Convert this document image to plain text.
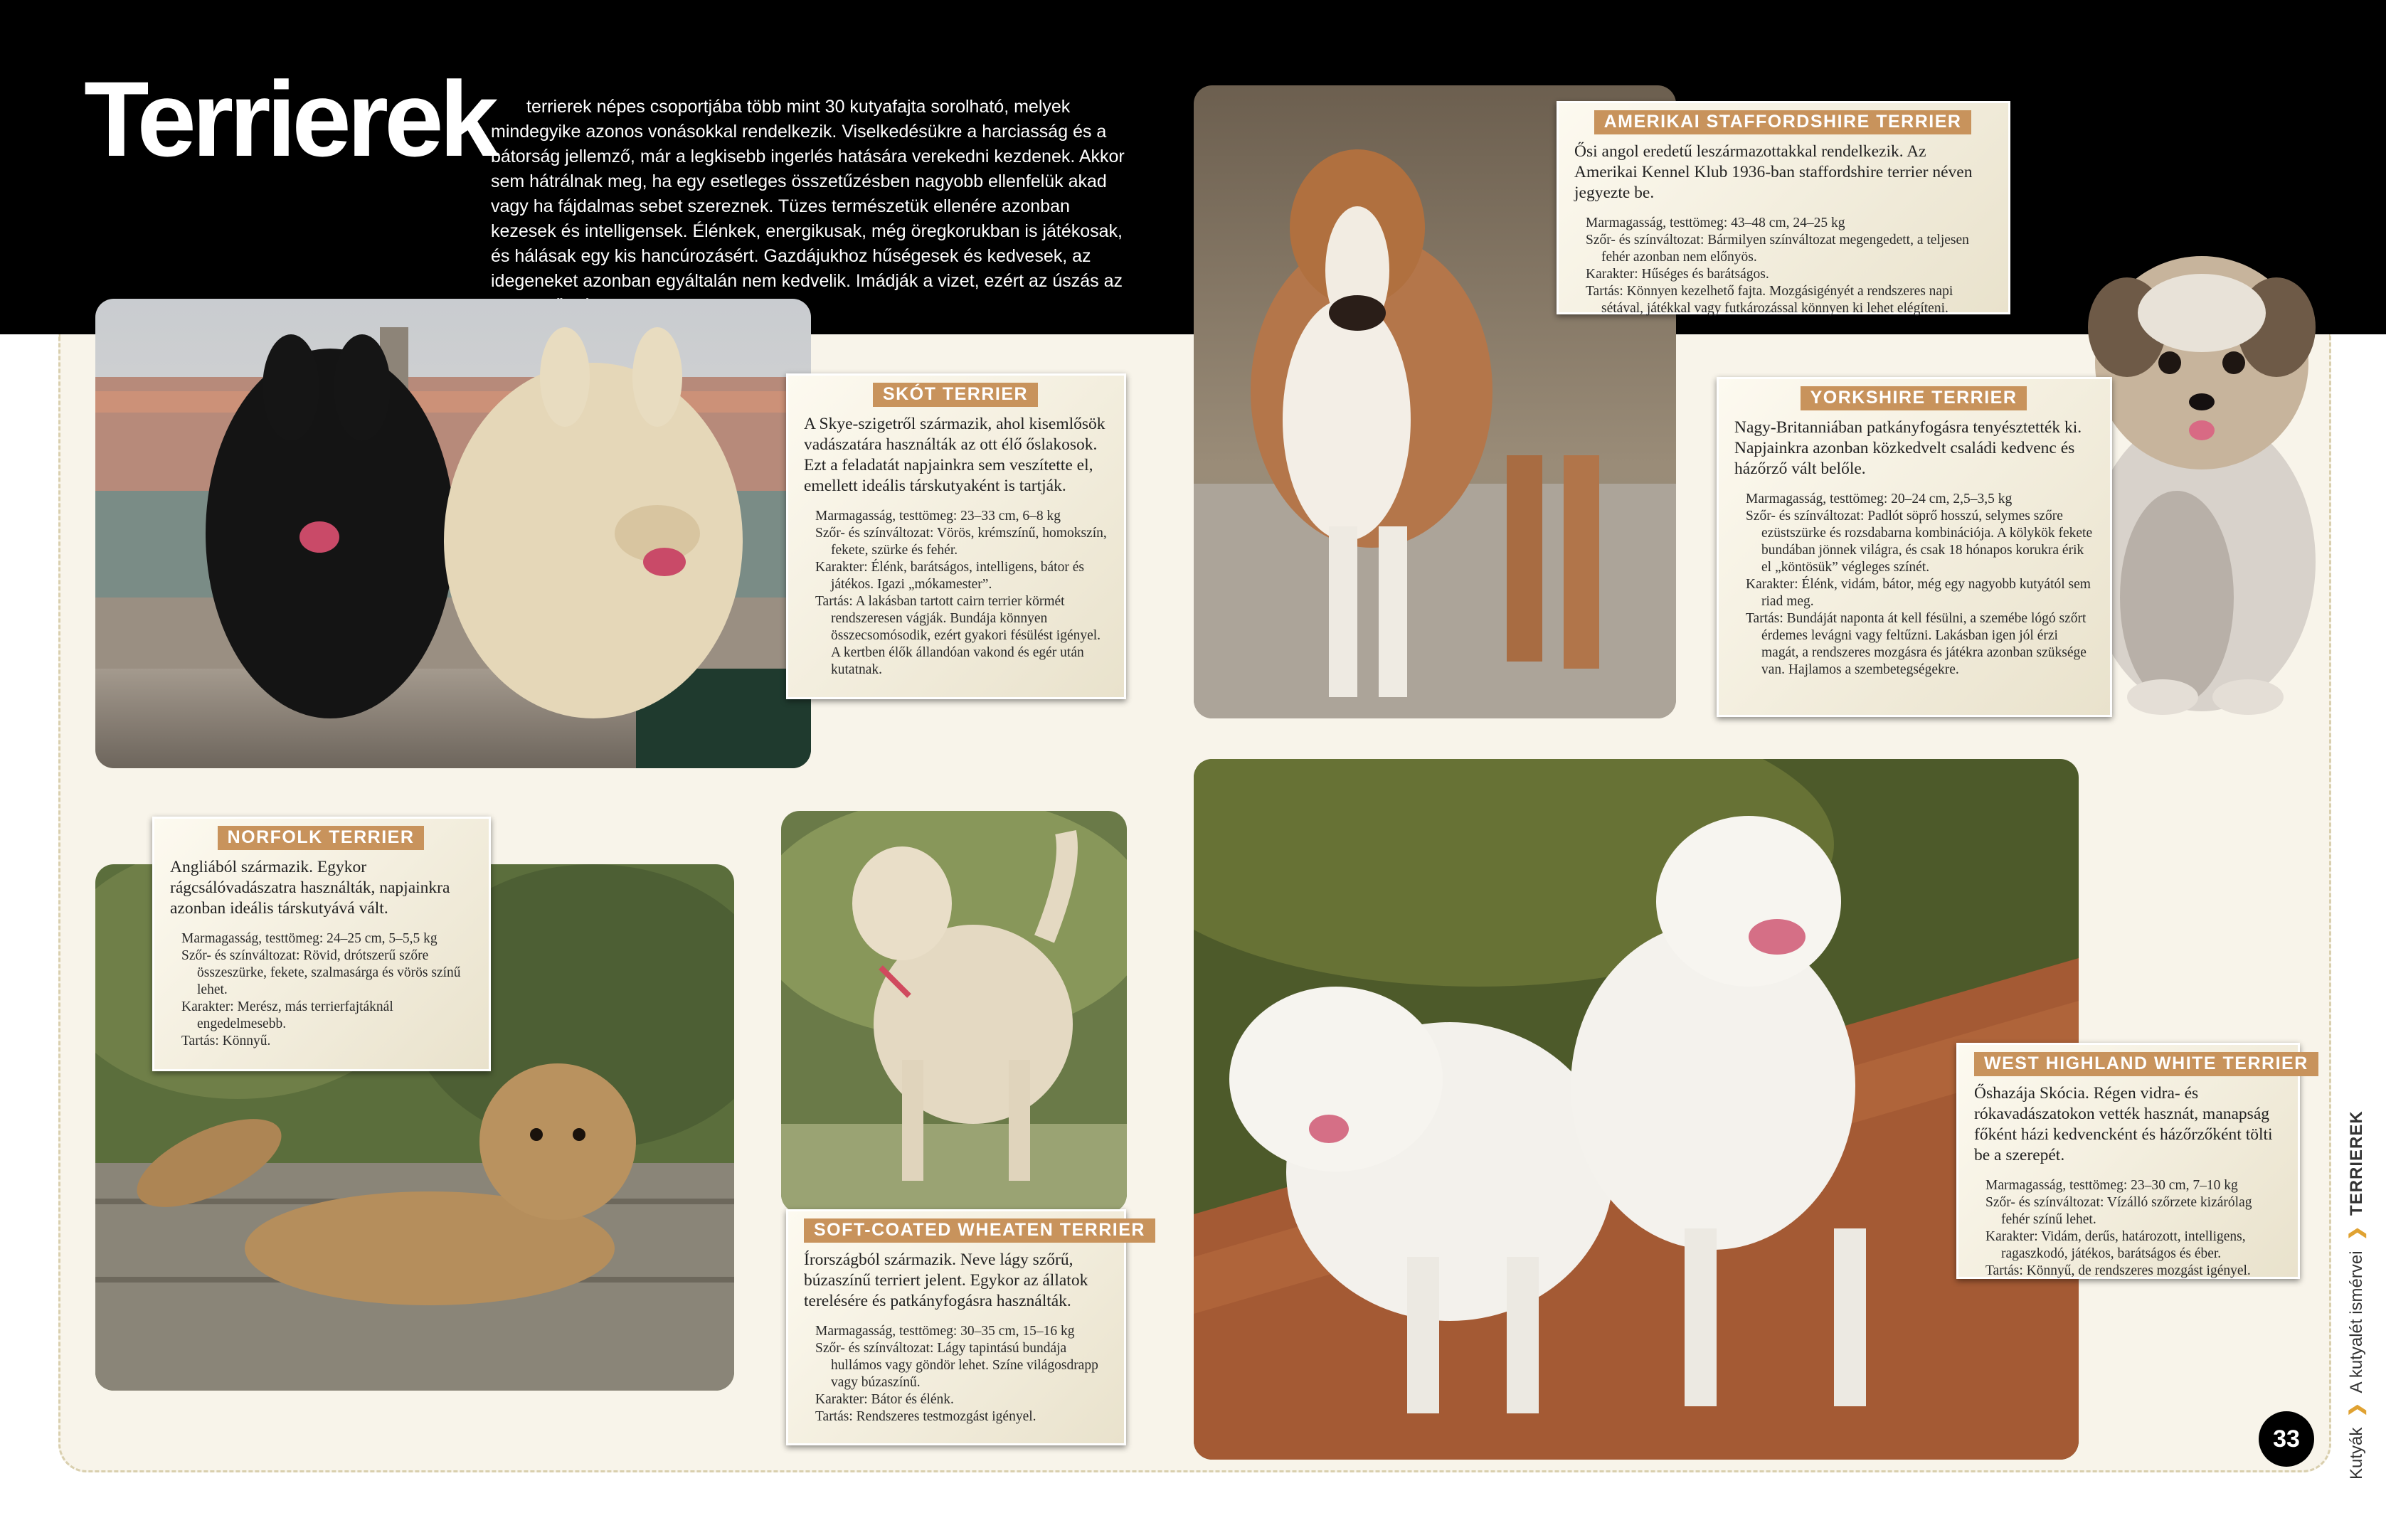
Terrierek	terrierek népes csoportjába több mint 30 kutyafajta sorolható, melyek mindegyike azonos vonásokkal rendelkezik. Viselkedésükre a harciasság és a bátorság jellemző, már a legkisebb ingerlés hatására verekedni kezdenek. Akkor sem hátrálnak meg, ha egy esetleges összetűzésben nagyobb ellenfelük akad vagy ha fájdalmas sebet szereznek. Tüzes természetük ellenére azonban kezesek és intelligensek. Élénkek, energikusak, még öregkorukban is játékosak, és hálásak egy kis hancúrozásért. Gazdájukhoz hűségesek és kedvesek, az idegeneket azonban egyáltalán nem kedvelik. Imádják a vizet, ezért az úszás az

SKÓT TERRIER

A Skye-szigetről származik, ahol kisemlősök vadászatára használták az ott élő őslakosok. Ezt a feladatát napjainkra sem veszítette el, emellett ideális társkutyaként is tartják.

Marmagasság, testtömeg: 23–33 cm, 6–8 kg
Szőr- és színváltozat: Vörös, krémszínű, homokszín, fekete, szürke és fehér.
Karakter: Élénk, barátságos, intelligens, bátor és játékos. Igazi „mókamester”.
Tartás: A lakásban tartott cairn terrier körmét rendszeresen vágják. Bundája könnyen összecsomósodik, ezért gyakori fésülést igényel. A kertben élők állandóan vakond és egér után kutatnak.
AMERIKAI STAFFORDSHIRE TERRIER

Ősi angol eredetű leszármazottakkal rendelkezik. Az Amerikai Kennel Klub 1936-ban staffordshire terrier néven jegyezte be.

Marmagasság, testtömeg: 43–48 cm, 24–25 kg
Szőr- és színváltozat: Bármilyen színváltozat megengedett, a teljesen fehér azonban nem előnyös.
Karakter: Hűséges és barátságos.
Tartás: Könnyen kezelhető fajta. Mozgásigényét a rendszeres napi sétával, játékkal vagy futkározással könnyen ki lehet elégíteni.
YORKSHIRE TERRIER

Nagy-Britanniában patkányfogásra tenyésztették ki. Napjainkra azonban közkedvelt családi kedvenc és házőrző vált belőle.

Marmagasság, testtömeg: 20–24 cm, 2,5–3,5 kg
Szőr- és színváltozat: Padlót söprő hosszú, selymes szőre ezüstszürke és rozsdabarna kombinációja. A kölykök fekete bundában jönnek világra, és csak 18 hónapos korukra érik el „köntösük” végleges színét.
Karakter: Élénk, vidám, bátor, még egy nagyobb kutyától sem riad meg.
Tartás: Bundáját naponta át kell fésülni, a szemébe lógó szőrt érdemes levágni vagy feltűzni. Lakásban igen jól érzi magát, a rendszeres mozgásra és játékra azonban szüksége van. Hajlamos a szembetegségekre.
NORFOLK TERRIER

Angliából származik. Egykor rágcsálóvadászatra használták, napjainkra azonban ideális társkutyává vált.

Marmagasság, testtömeg: 24–25 cm, 5–5,5 kg
Szőr- és színváltozat: Rövid, drótszerű szőre összeszürke, fekete, szalmasárga és vörös színű lehet.
Karakter: Merész, más terrierfajtáknál engedelmesebb.
Tartás: Könnyű.
SOFT-COATED WHEATEN TERRIER

Írországból származik. Neve lágy szőrű, búzaszínű terriert jelent. Egykor az állatok terelésére és patkányfogásra használták.

Marmagasság, testtömeg: 30–35 cm, 15–16 kg
Szőr- és színváltozat: Lágy tapintású bundája hullámos vagy göndör lehet. Színe világosdrapp vagy búzaszínű.
Karakter: Bátor és élénk.
Tartás: Rendszeres testmozgást igényel.
WEST HIGHLAND WHITE TERRIER

Őshazája Skócia. Régen vidra- és rókavadászatokon vették hasznát, manapság főként házi kedvencként és házőrzőként tölti be a szerepét.

Marmagasság, testtömeg: 23–30 cm, 7–10 kg
Szőr- és színváltozat: Vízálló szőrzete kizárólag fehér színű lehet.
Karakter: Vidám, derűs, határozott, intelligens, ragaszkodó, játékos, barátságos és éber.
Tartás: Könnyű, de rendszeres mozgást igényel.
Kutyák ❯ A kutyalét ismérvei ❯ TERRIEREK
33
